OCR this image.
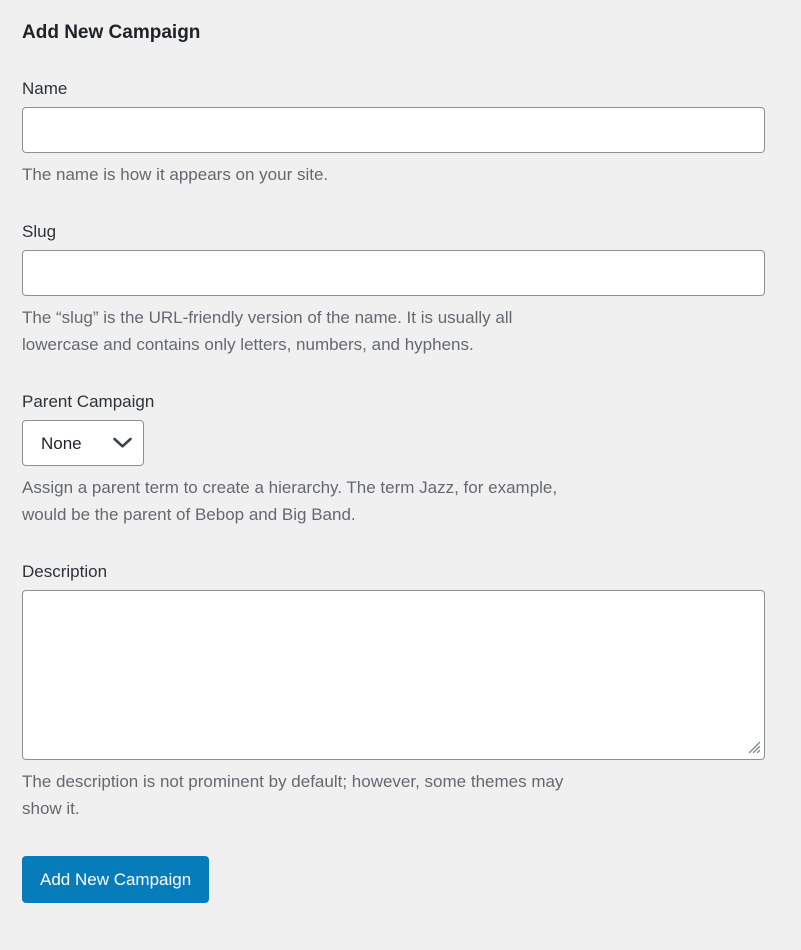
Add New Campaign
Name

The name is how it appears on your site.

Slug

The “slug” is the URL-friendly version of the name. It is usually all
lowercase and contains only letters, numbers, and hyphens.

Parent Campaign
None

Assign a parent term to create a hierarchy. The term Jazz, for example,
would be the parent of Bebop and Big Band.

Description

The description is not prominent by default; however, some themes may
show it.

Add New Campaign
